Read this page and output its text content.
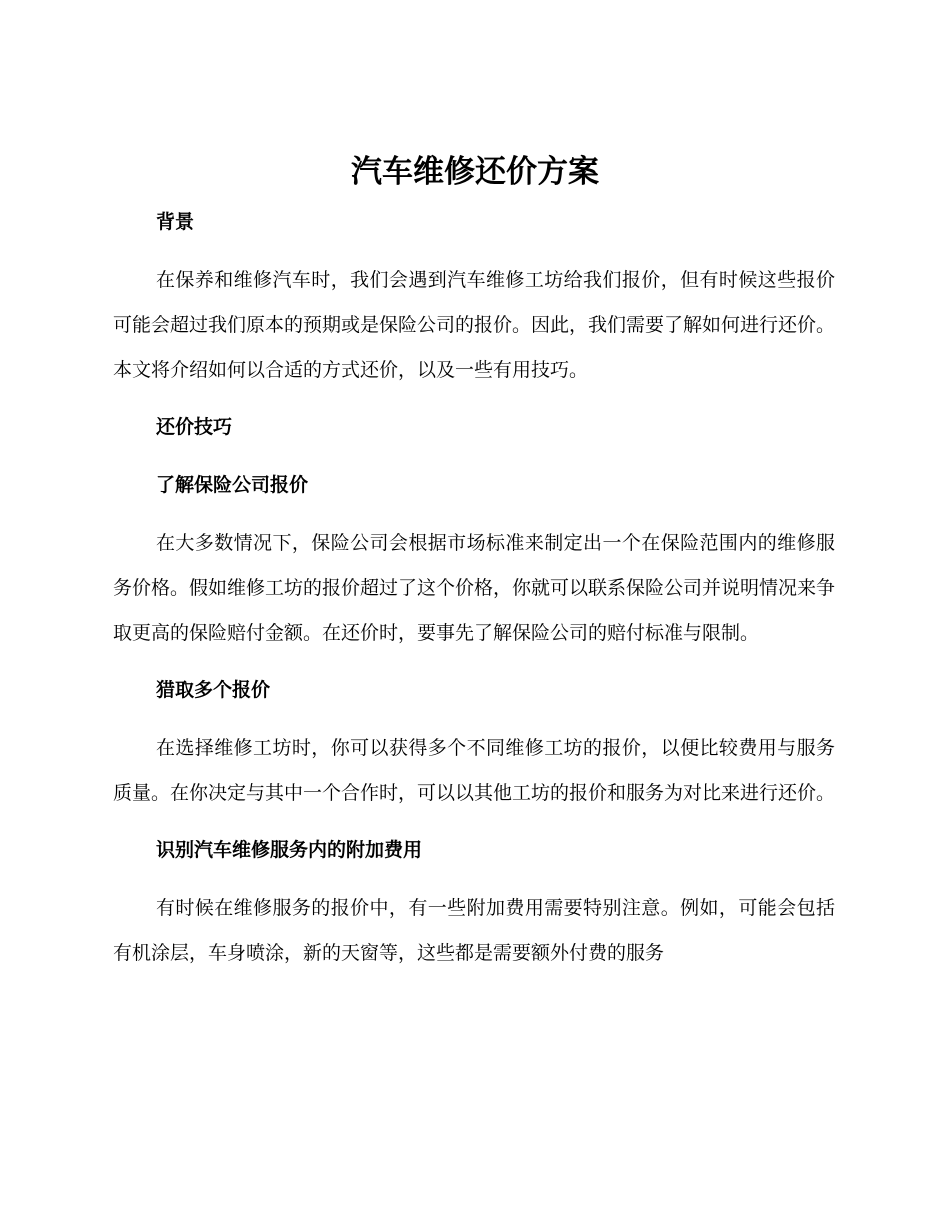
汽车维修还价方案

背景

在保养和维修汽车时，我们会遇到汽车维修工坊给我们报价，但有时候这些报价可能会超过我们原本的预期或是保险公司的报价。因此，我们需要了解如何进行还价。本文将介绍如何以合适的方式还价，以及一些有用技巧。

还价技巧

了解保险公司报价

在大多数情况下，保险公司会根据市场标准来制定出一个在保险范围内的维修服务价格。假如维修工坊的报价超过了这个价格，你就可以联系保险公司并说明情况来争取更高的保险赔付金额。在还价时，要事先了解保险公司的赔付标准与限制。

猎取多个报价

在选择维修工坊时，你可以获得多个不同维修工坊的报价，以便比较费用与服务质量。在你决定与其中一个合作时，可以以其他工坊的报价和服务为对比来进行还价。

识别汽车维修服务内的附加费用

有时候在维修服务的报价中，有一些附加费用需要特别注意。例如，可能会包括有机涂层，车身喷涂，新的天窗等，这些都是需要额外付费的服务
